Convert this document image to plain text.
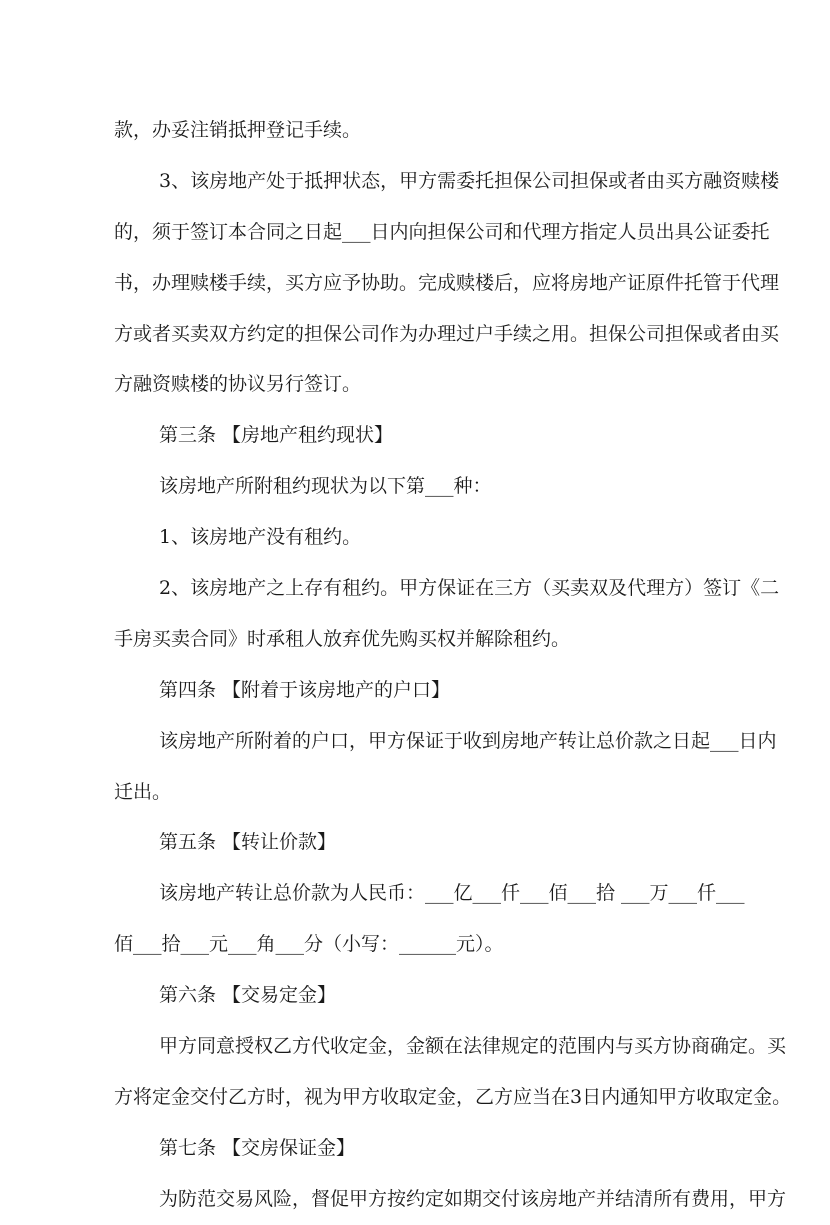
款，办妥注销抵押登记手续。
3、该房地产处于抵押状态，甲方需委托担保公司担保或者由买方融资赎楼
的，须于签订本合同之日起___日内向担保公司和代理方指定人员出具公证委托
书，办理赎楼手续，买方应予协助。完成赎楼后，应将房地产证原件托管于代理
方或者买卖双方约定的担保公司作为办理过户手续之用。担保公司担保或者由买
方融资赎楼的协议另行签订。
第三条 【房地产租约现状】
该房地产所附租约现状为以下第___种：
1、该房地产没有租约。
2、该房地产之上存有租约。甲方保证在三方（买卖双及代理方）签订《二
手房买卖合同》时承租人放弃优先购买权并解除租约。
第四条 【附着于该房地产的户口】
该房地产所附着的户口，甲方保证于收到房地产转让总价款之日起___日内
迁出。
第五条 【转让价款】
该房地产转让总价款为人民币：___亿___仟___佰___拾 ___万___仟___
佰___拾___元___角___分（小写：______元）。
第六条 【交易定金】
甲方同意授权乙方代收定金，金额在法律规定的范围内与买方协商确定。买
方将定金交付乙方时，视为甲方收取定金，乙方应当在3日内通知甲方收取定金。
第七条 【交房保证金】
为防范交易风险，督促甲方按约定如期交付该房地产并结清所有费用，甲方
